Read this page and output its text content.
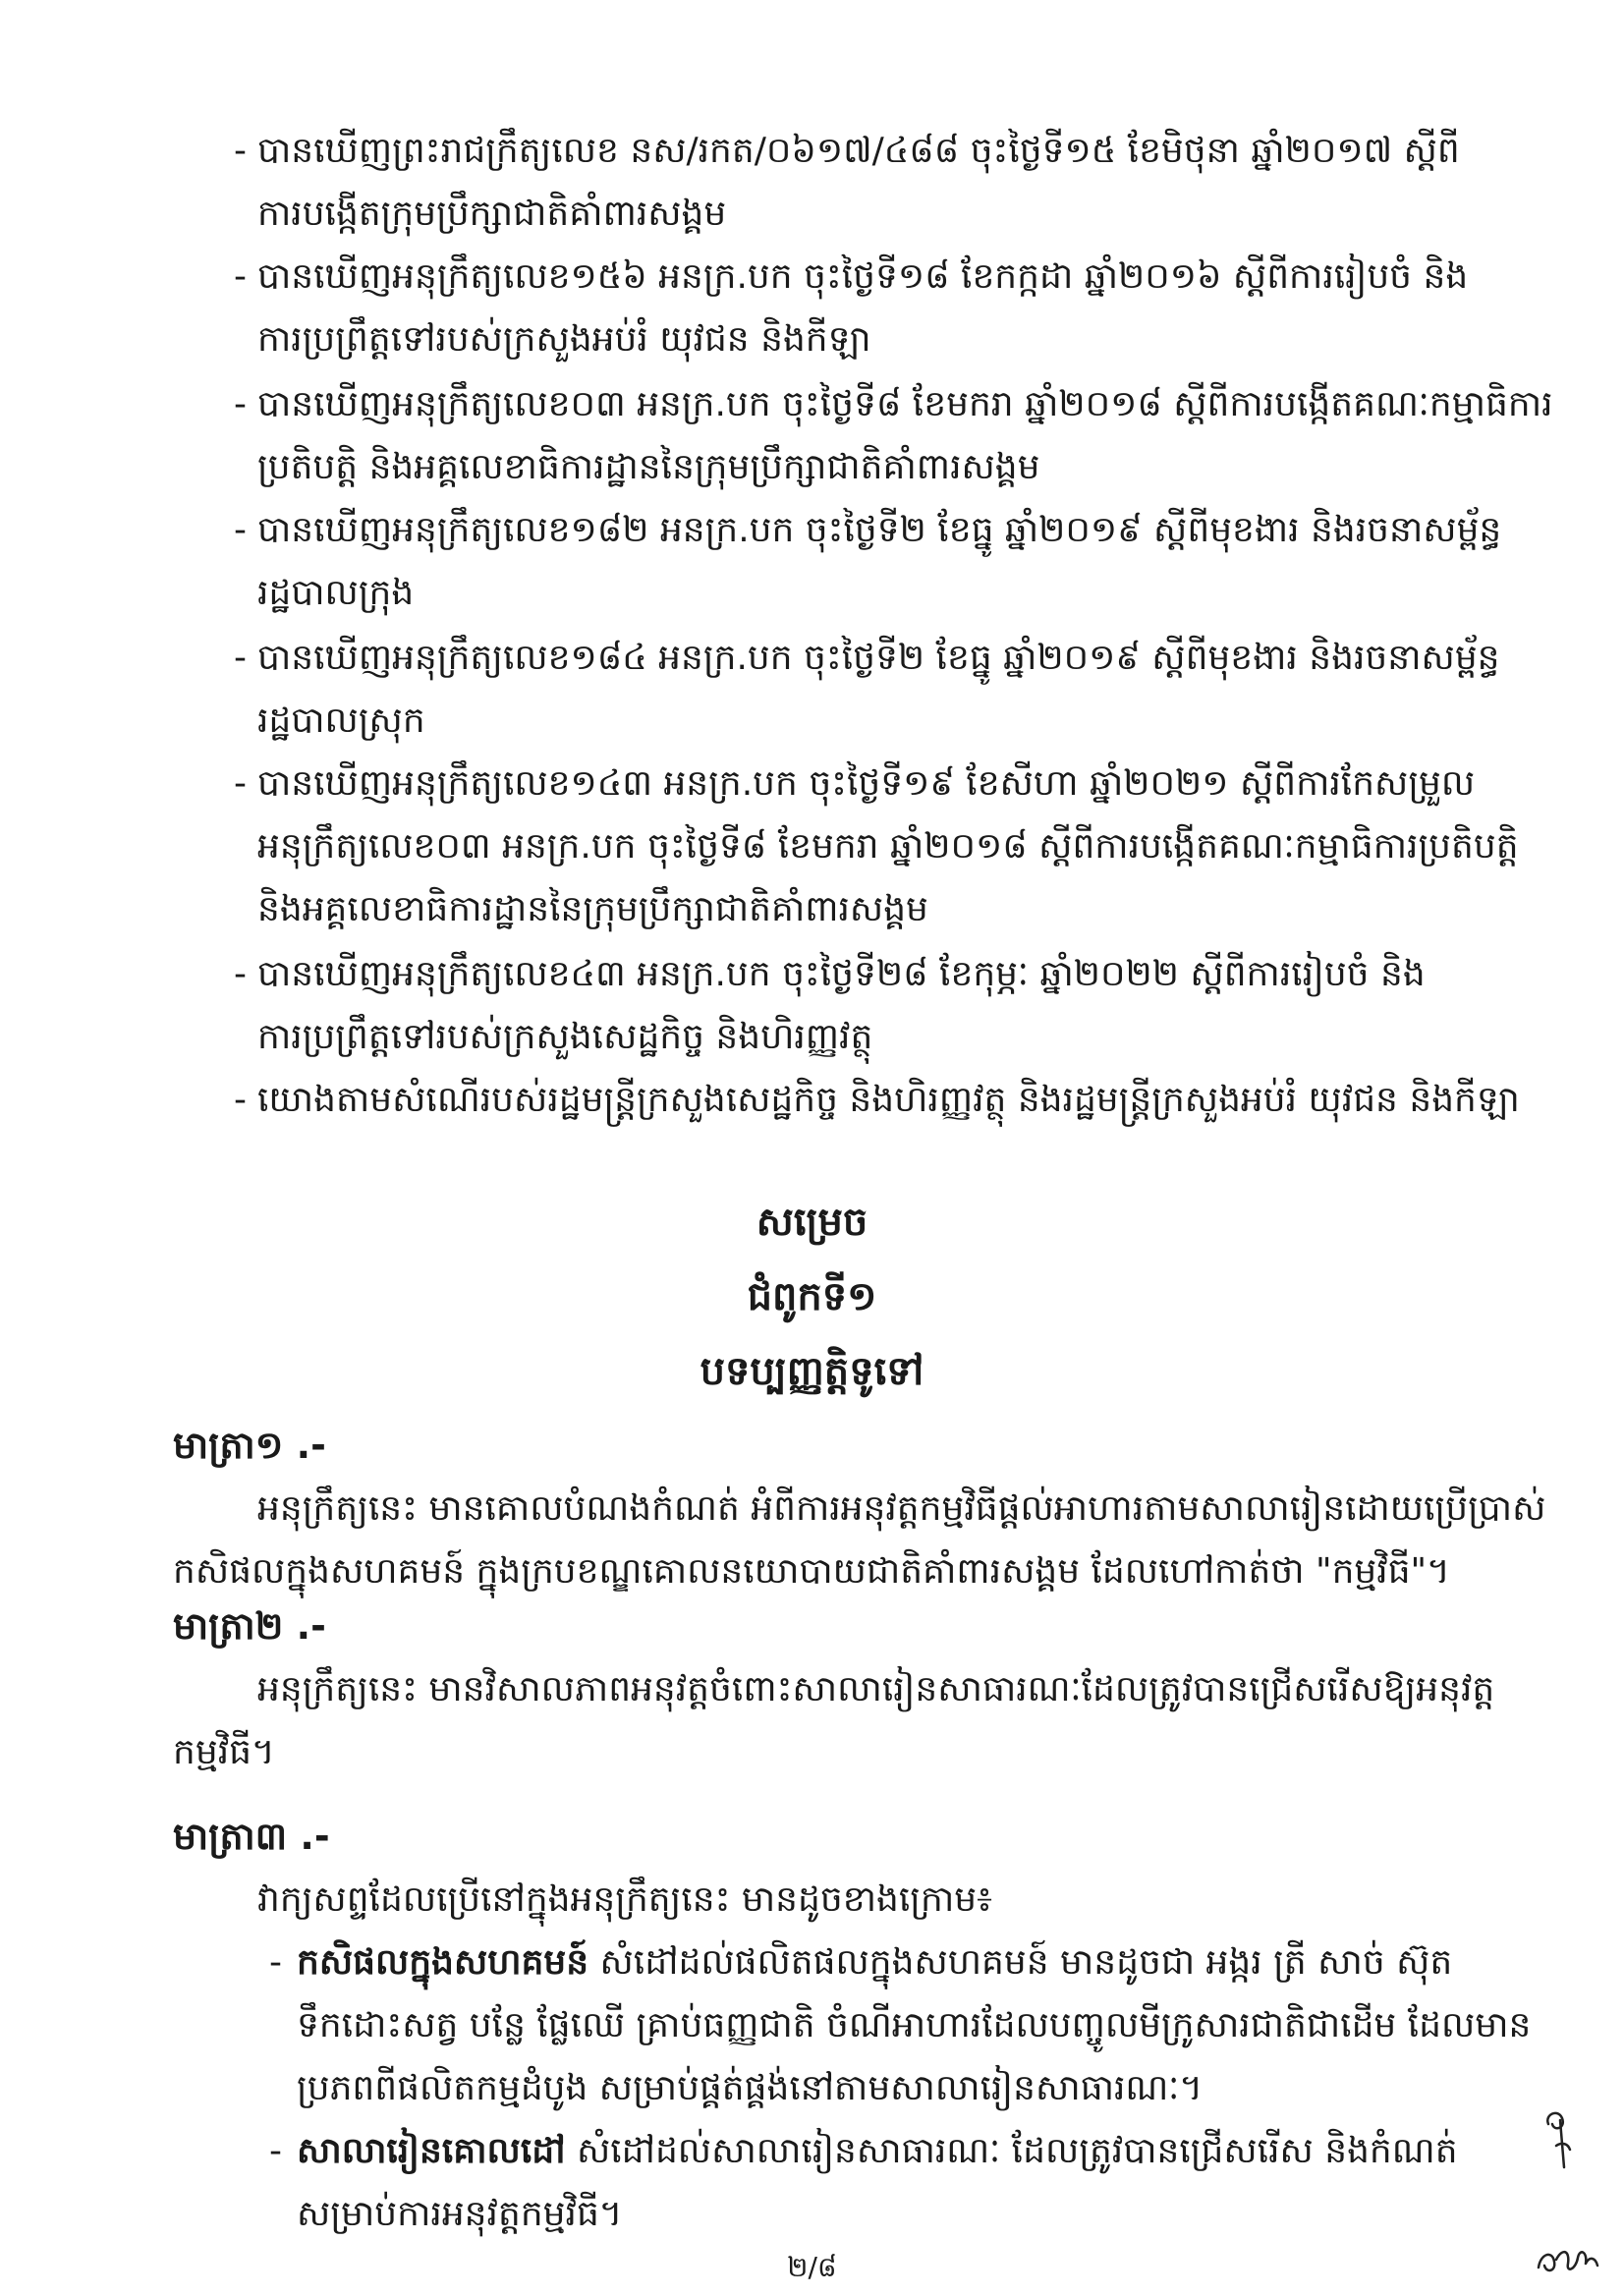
- បានឃើញព្រះរាជក្រឹត្យលេខ នស/រកត/០៦១៧/៤៨៨ ចុះថ្ងៃទី១៥ ខែមិថុនា ឆ្នាំ២០១៧ ស្តីពី
ការបង្កើតក្រុមប្រឹក្សាជាតិគាំពារសង្គម
- បានឃើញអនុក្រឹត្យលេខ១៥៦ អនក្រ.បក ចុះថ្ងៃទី១៨ ខែកក្កដា ឆ្នាំ២០១៦ ស្តីពីការរៀបចំ និង
ការប្រព្រឹត្តទៅរបស់ក្រសួងអប់រំ យុវជន និងកីឡា
- បានឃើញអនុក្រឹត្យលេខ០៣ អនក្រ.បក ចុះថ្ងៃទី៨ ខែមករា ឆ្នាំ២០១៨ ស្តីពីការបង្កើតគណៈកម្មាធិការ
ប្រតិបត្តិ និងអគ្គលេខាធិការដ្ឋាននៃក្រុមប្រឹក្សាជាតិគាំពារសង្គម
- បានឃើញអនុក្រឹត្យលេខ១៨២ អនក្រ.បក ចុះថ្ងៃទី២ ខែធ្នូ ឆ្នាំ២០១៩ ស្តីពីមុខងារ និងរចនាសម្ព័ន្ធ
រដ្ឋបាលក្រុង
- បានឃើញអនុក្រឹត្យលេខ១៨៤ អនក្រ.បក ចុះថ្ងៃទី២ ខែធ្នូ ឆ្នាំ២០១៩ ស្តីពីមុខងារ និងរចនាសម្ព័ន្ធ
រដ្ឋបាលស្រុក
- បានឃើញអនុក្រឹត្យលេខ១៤៣ អនក្រ.បក ចុះថ្ងៃទី១៩ ខែសីហា ឆ្នាំ២០២១ ស្តីពីការកែសម្រួល
អនុក្រឹត្យលេខ០៣ អនក្រ.បក ចុះថ្ងៃទី៨ ខែមករា ឆ្នាំ២០១៨ ស្តីពីការបង្កើតគណៈកម្មាធិការប្រតិបត្តិ
និងអគ្គលេខាធិការដ្ឋាននៃក្រុមប្រឹក្សាជាតិគាំពារសង្គម
- បានឃើញអនុក្រឹត្យលេខ៤៣ អនក្រ.បក ចុះថ្ងៃទី២៨ ខែកុម្ភៈ ឆ្នាំ២០២២ ស្តីពីការរៀបចំ និង
ការប្រព្រឹត្តទៅរបស់ក្រសួងសេដ្ឋកិច្ច និងហិរញ្ញវត្ថុ
- យោងតាមសំណើរបស់រដ្ឋមន្ត្រីក្រសួងសេដ្ឋកិច្ច និងហិរញ្ញវត្ថុ និងរដ្ឋមន្ត្រីក្រសួងអប់រំ យុវជន និងកីឡា
សម្រេច
ជំពូកទី១
បទប្បញ្ញត្តិទូទៅ
មាត្រា១ .-
អនុក្រឹត្យនេះ មានគោលបំណងកំណត់ អំពីការអនុវត្តកម្មវិធីផ្តល់អាហារតាមសាលារៀនដោយប្រើប្រាស់
កសិផលក្នុងសហគមន៍ ក្នុងក្របខណ្ឌគោលនយោបាយជាតិគាំពារសង្គម ដែលហៅកាត់ថា "កម្មវិធី"។
មាត្រា២ .-
អនុក្រឹត្យនេះ មានវិសាលភាពអនុវត្តចំពោះសាលារៀនសាធារណៈដែលត្រូវបានជ្រើសរើសឱ្យអនុវត្ត
កម្មវិធី។
មាត្រា៣ .-
វាក្យសព្ទដែលប្រើនៅក្នុងអនុក្រឹត្យនេះ មានដូចខាងក្រោម៖
- កសិផលក្នុងសហគមន៍ សំដៅដល់ផលិតផលក្នុងសហគមន៍ មានដូចជា អង្ករ ត្រី សាច់ ស៊ុត
ទឹកដោះសត្វ បន្លែ ផ្លែឈើ គ្រាប់ធញ្ញជាតិ ចំណីអាហារដែលបញ្ចូលមីក្រូសារជាតិជាដើម ដែលមាន
ប្រភពពីផលិតកម្មដំបូង សម្រាប់ផ្គត់ផ្គង់នៅតាមសាលារៀនសាធារណៈ។
- សាលារៀនគោលដៅ សំដៅដល់សាលារៀនសាធារណៈ ដែលត្រូវបានជ្រើសរើស និងកំណត់
សម្រាប់ការអនុវត្តកម្មវិធី។
២/៨
